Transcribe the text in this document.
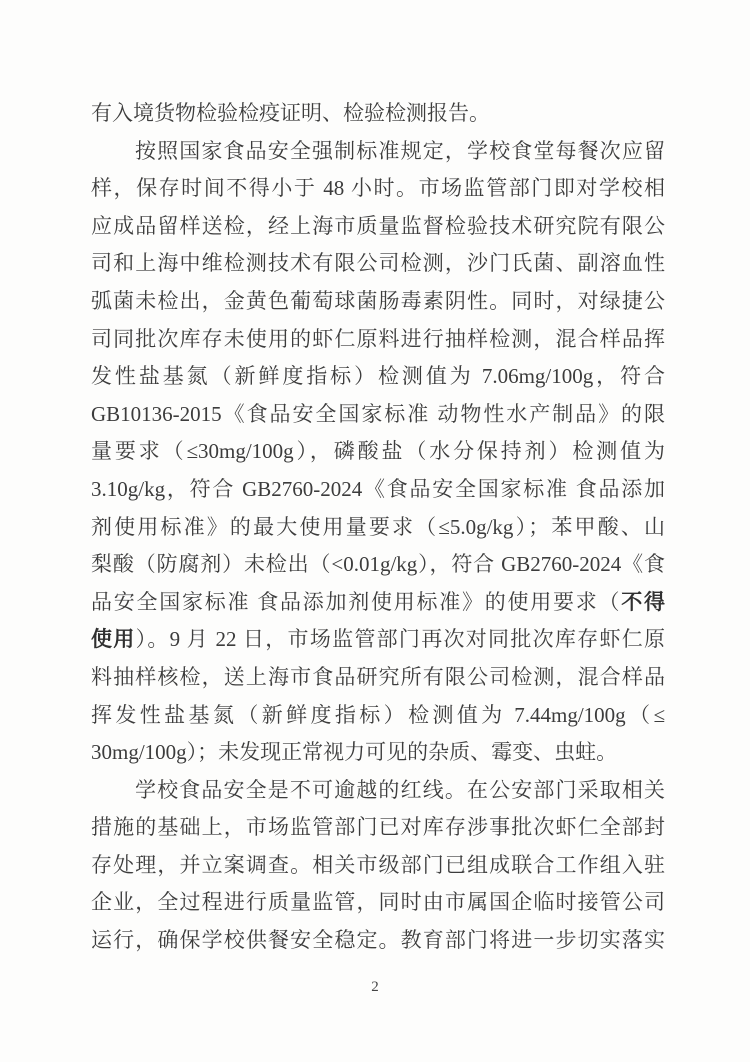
有入境货物检验检疫证明、检验检测报告。
按照国家食品安全强制标准规定，学校食堂每餐次应留
样，保存时间不得小于 48 小时。市场监管部门即对学校相
应成品留样送检，经上海市质量监督检验技术研究院有限公
司和上海中维检测技术有限公司检测，沙门氏菌、副溶血性
弧菌未检出，金黄色葡萄球菌肠毒素阴性。同时，对绿捷公
司同批次库存未使用的虾仁原料进行抽样检测，混合样品挥
发性盐基氮（新鲜度指标）检测值为 7.06mg/100g，符合
GB10136-2015《食品安全国家标准 动物性水产制品》的限
量要求（≤30mg/100g），磷酸盐（水分保持剂）检测值为
3.10g/kg，符合 GB2760-2024《食品安全国家标准 食品添加
剂使用标准》的最大使用量要求（≤5.0g/kg）；苯甲酸、山
梨酸（防腐剂）未检出（<0.01g/kg），符合 GB2760-2024《食
品安全国家标准 食品添加剂使用标准》的使用要求（不得
使用）。9 月 22 日，市场监管部门再次对同批次库存虾仁原
料抽样核检，送上海市食品研究所有限公司检测，混合样品
挥发性盐基氮（新鲜度指标）检测值为 7.44mg/100g（≤
30mg/100g）；未发现正常视力可见的杂质、霉变、虫蛀。
学校食品安全是不可逾越的红线。在公安部门采取相关
措施的基础上，市场监管部门已对库存涉事批次虾仁全部封
存处理，并立案调查。相关市级部门已组成联合工作组入驻
企业，全过程进行质量监管，同时由市属国企临时接管公司
运行，确保学校供餐安全稳定。教育部门将进一步切实落实
2
